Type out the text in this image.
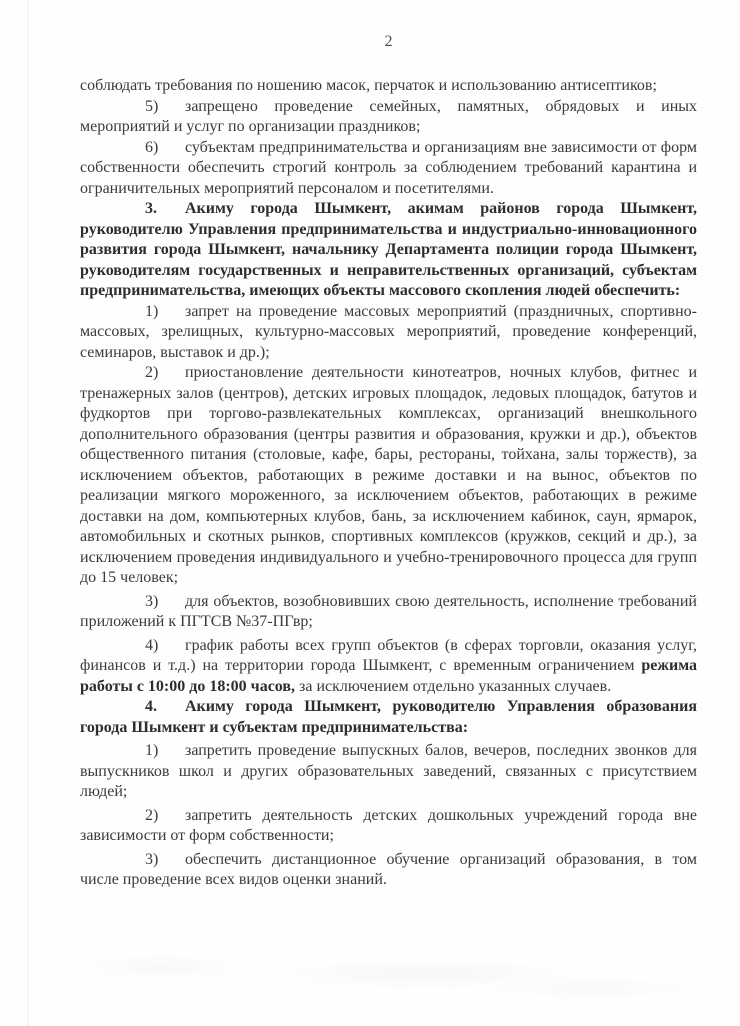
2

соблюдать требования по ношению масок, перчаток и использованию антисептиков;

5) запрещено проведение семейных, памятных, обрядовых и иных мероприятий и услуг по организации праздников;

6) субъектам предпринимательства и организациям вне зависимости от форм собственности обеспечить строгий контроль за соблюдением требований карантина и ограничительных мероприятий персоналом и посетителями.

3. Акиму города Шымкент, акимам районов города Шымкент, руководителю Управления предпринимательства и индустриально-инновационного развития города Шымкент, начальнику Департамента полиции города Шымкент, руководителям государственных и неправительственных организаций, субъектам предпринимательства, имеющих объекты массового скопления людей обеспечить:

1) запрет на проведение массовых мероприятий (праздничных, спортивно-массовых, зрелищных, культурно-массовых мероприятий, проведение конференций, семинаров, выставок и др.);

2) приостановление деятельности кинотеатров, ночных клубов, фитнес и тренажерных залов (центров), детских игровых площадок, ледовых площадок, батутов и фудкортов при торгово-развлекательных комплексах, организаций внешкольного дополнительного образования (центры развития и образования, кружки и др.), объектов общественного питания (столовые, кафе, бары, рестораны, тойхана, залы торжеств), за исключением объектов, работающих в режиме доставки и на вынос, объектов по реализации мягкого мороженного, за исключением объектов, работающих в режиме доставки на дом, компьютерных клубов, бань, за исключением кабинок, саун, ярмарок, автомобильных и скотных рынков, спортивных комплексов (кружков, секций и др.), за исключением проведения индивидуального и учебно-тренировочного процесса для групп до 15 человек;

3) для объектов, возобновивших свою деятельность, исполнение требований приложений к ПГТСВ №37-ПГвр;

4) график работы всех групп объектов (в сферах торговли, оказания услуг, финансов и т.д.) на территории города Шымкент, с временным ограничением режима работы с 10:00 до 18:00 часов, за исключением отдельно указанных случаев.

4. Акиму города Шымкент, руководителю Управления образования города Шымкент и субъектам предпринимательства:

1) запретить проведение выпускных балов, вечеров, последних звонков для выпускников школ и других образовательных заведений, связанных с присутствием людей;

2) запретить деятельность детских дошкольных учреждений города вне зависимости от форм собственности;

3) обеспечить дистанционное обучение организаций образования, в том числе проведение всех видов оценки знаний.
